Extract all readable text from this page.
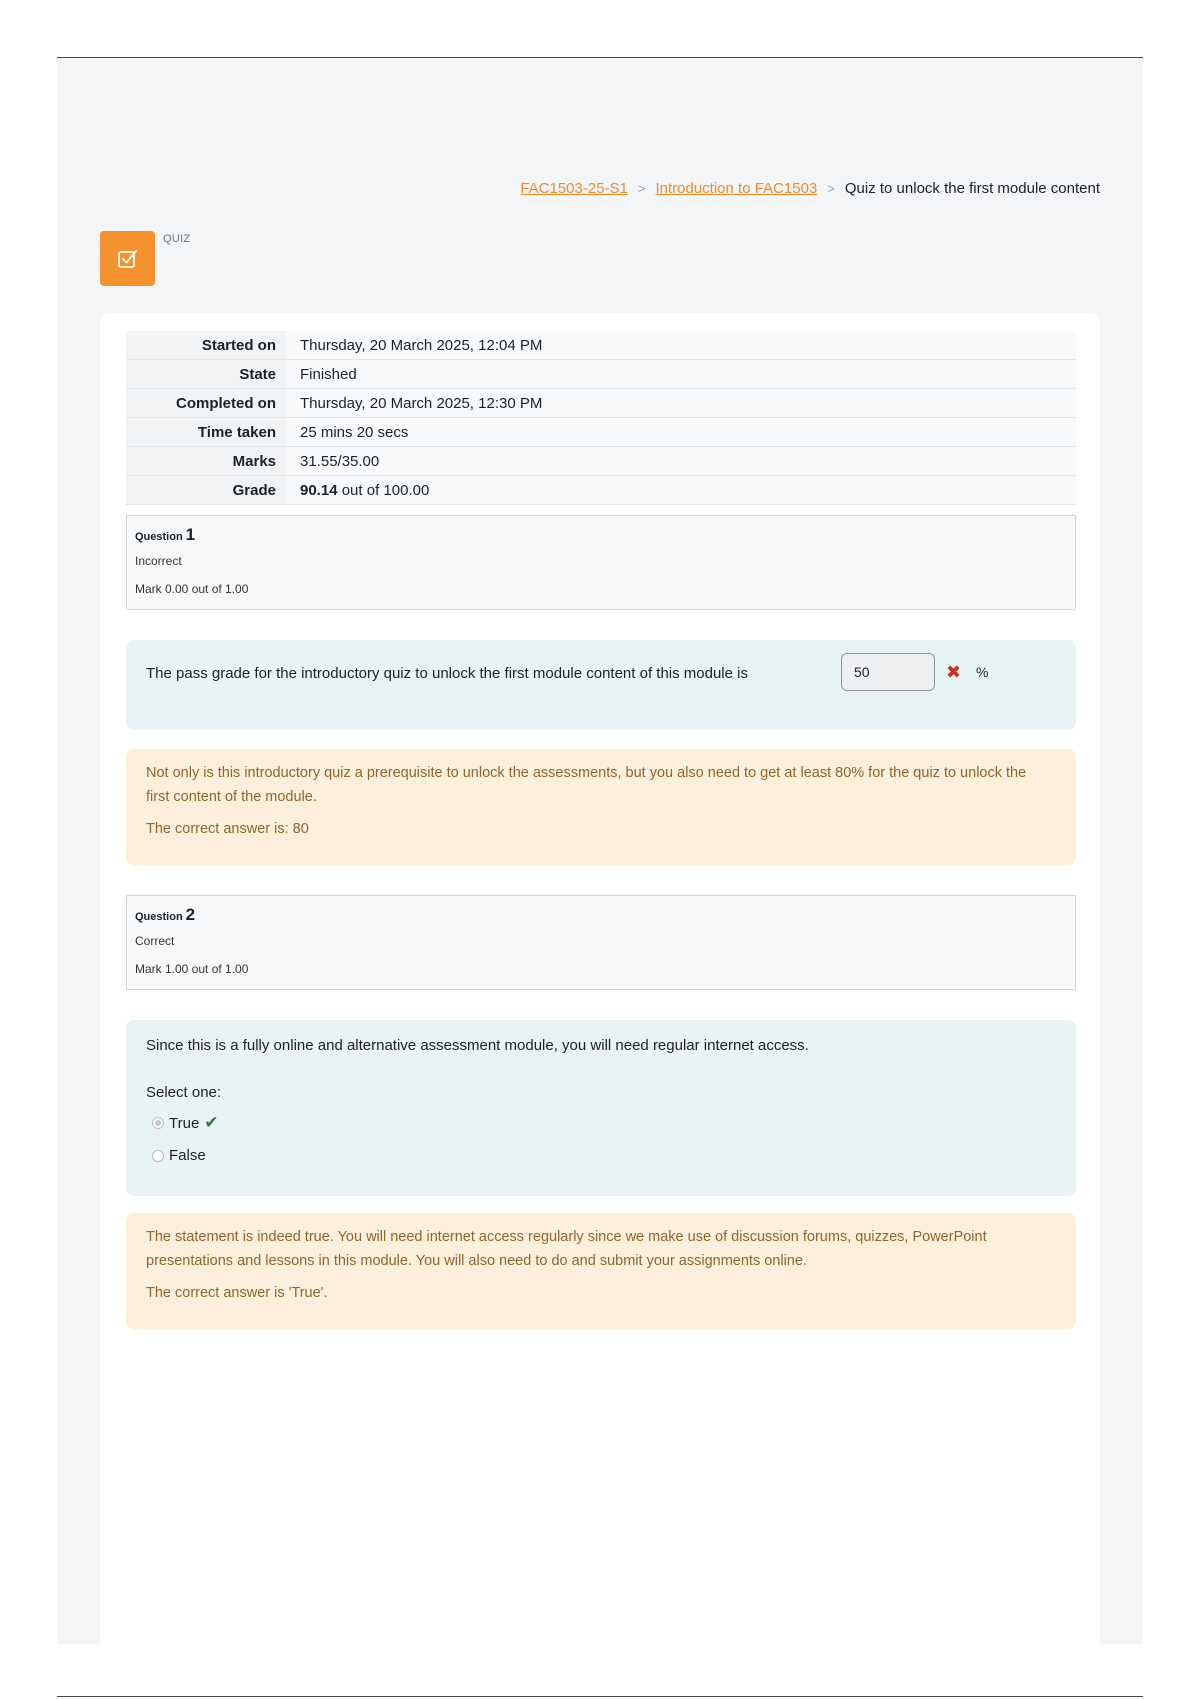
FAC1503-25-S1 > Introduction to FAC1503 > Quiz to unlock the first module content
QUIZ
Started on	Thursday, 20 March 2025, 12:04 PM
State	Finished
Completed on	Thursday, 20 March 2025, 12:30 PM
Time taken	25 mins 20 secs
Marks	31.55/35.00
Grade	90.14 out of 100.00
Question 1
Incorrect
Mark 0.00 out of 1.00
The pass grade for the introductory quiz to unlock the first module content of this module is
50	✖ %

Not only is this introductory quiz a prerequisite to unlock the assessments, but you also need to get at least 80% for the quiz to unlock the first content of the module.

The correct answer is: 80

Question 2
Correct
Mark 1.00 out of 1.00
Since this is a fully online and alternative assessment module, you will need regular internet access.
Select one:
True ✔
False

The statement is indeed true. You will need internet access regularly since we make use of discussion forums, quizzes, PowerPoint presentations and lessons in this module. You will also need to do and submit your assignments online.

The correct answer is 'True'.
